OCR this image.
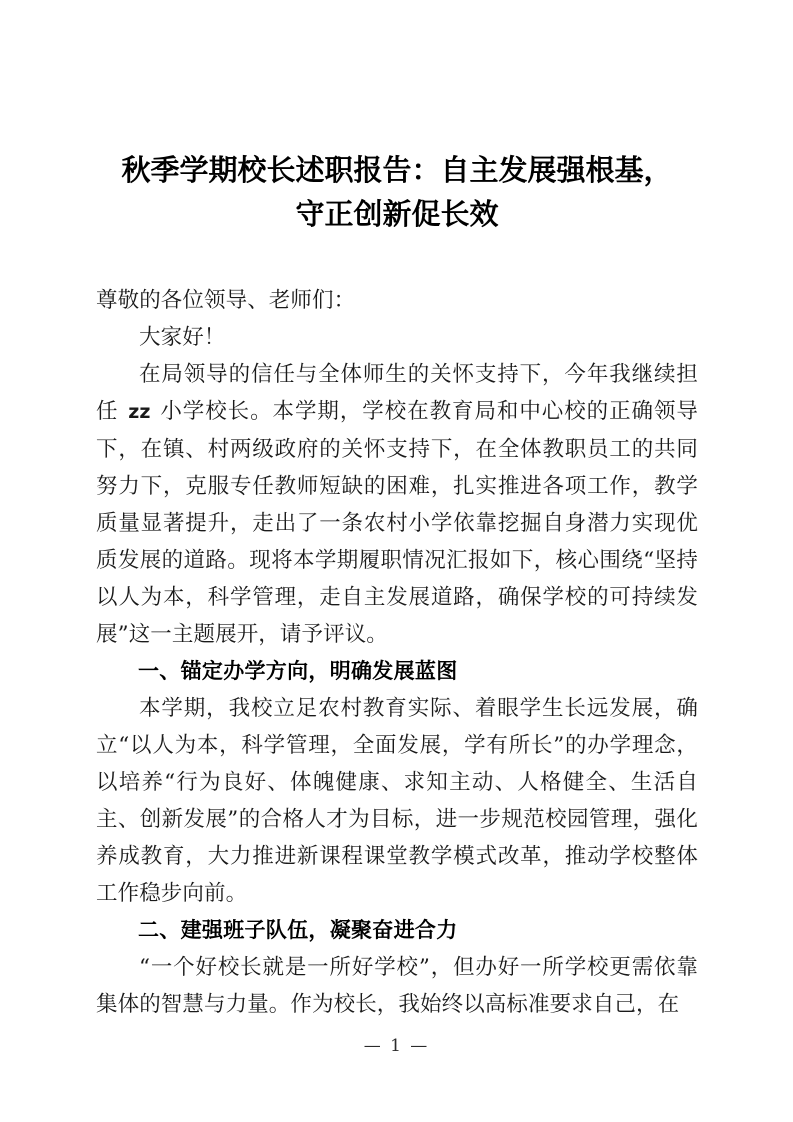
秋季学期校长述职报告：自主发展强根基，
守正创新促长效

尊敬的各位领导、老师们：

大家好！

在局领导的信任与全体师生的关怀支持下，今年我继续担任 zz 小学校长。本学期，学校在教育局和中心校的正确领导下，在镇、村两级政府的关怀支持下，在全体教职员工的共同努力下，克服专任教师短缺的困难，扎实推进各项工作，教学质量显著提升，走出了一条农村小学依靠挖掘自身潜力实现优质发展的道路。现将本学期履职情况汇报如下，核心围绕“坚持以人为本，科学管理，走自主发展道路，确保学校的可持续发展”这一主题展开，请予评议。

一、锚定办学方向，明确发展蓝图

本学期，我校立足农村教育实际、着眼学生长远发展，确立“以人为本，科学管理，全面发展，学有所长”的办学理念，以培养“行为良好、体魄健康、求知主动、人格健全、生活自主、创新发展”的合格人才为目标，进一步规范校园管理，强化养成教育，大力推进新课程课堂教学模式改革，推动学校整体工作稳步向前。

二、建强班子队伍，凝聚奋进合力

“一个好校长就是一所好学校”，但办好一所学校更需依靠集体的智慧与力量。作为校长，我始终以高标准要求自己，在

— 1 —
